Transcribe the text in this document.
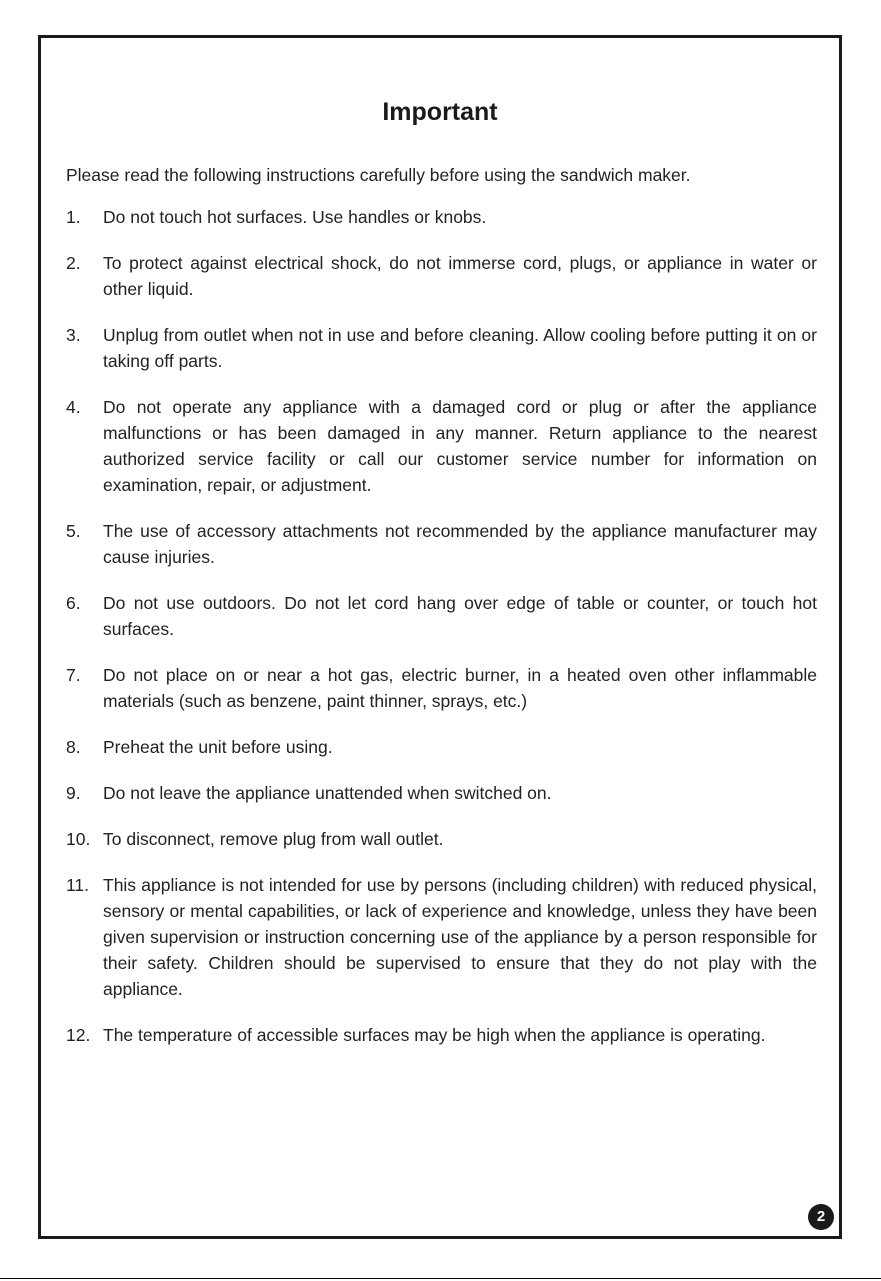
Important
Please read the following instructions carefully before using the sandwich maker.
1.	Do not touch hot surfaces. Use handles or knobs.
2.	To protect against electrical shock, do not immerse cord, plugs, or appliance in water or other liquid.
3.	Unplug from outlet when not in use and before cleaning. Allow cooling before putting it on or taking off parts.
4.	Do not operate any appliance with a damaged cord or plug or after the appliance malfunctions or has been damaged in any manner. Return appliance to the nearest authorized service facility or call our customer service number for information on examination, repair, or adjustment.
5.	The use of accessory attachments not recommended by the appliance manufacturer may cause injuries.
6.	Do not use outdoors. Do not let cord hang over edge of table or counter, or touch hot surfaces.
7.	Do not place on or near a hot gas, electric burner, in a heated oven other inflammable materials (such as benzene, paint thinner, sprays, etc.)
8.	Preheat the unit before using.
9.	Do not leave the appliance unattended when switched on.
10. To disconnect, remove plug from wall outlet.
11. This appliance is not intended for use by persons (including children) with reduced physical, sensory or mental capabilities, or lack of experience and knowledge, unless they have been given supervision or instruction concerning use of the appliance by a person responsible for their safety. Children should be supervised to ensure that they do not play with the appliance.
12. The temperature of accessible surfaces may be high when the appliance is operating.
2
